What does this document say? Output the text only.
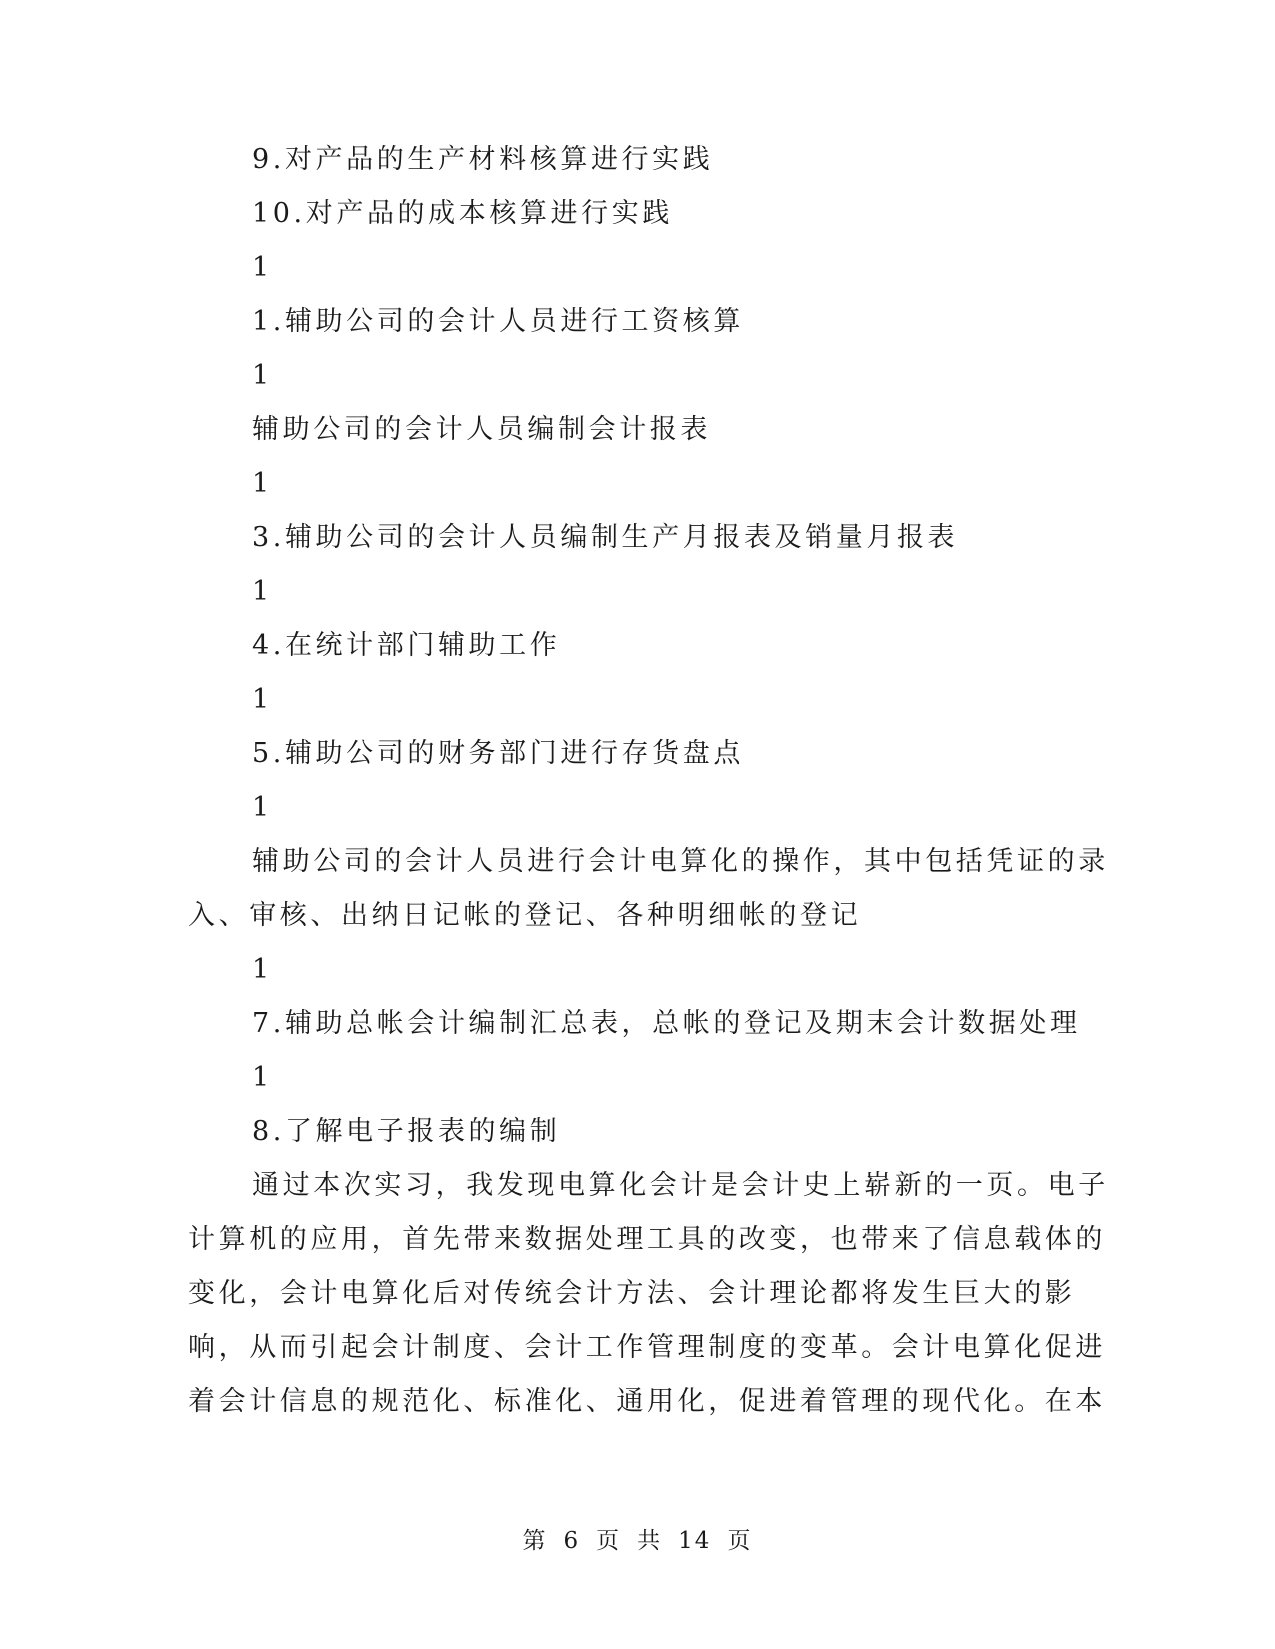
9.对产品的生产材料核算进行实践
10.对产品的成本核算进行实践
1
1.辅助公司的会计人员进行工资核算
1
辅助公司的会计人员编制会计报表
1
3.辅助公司的会计人员编制生产月报表及销量月报表
1
4.在统计部门辅助工作
1
5.辅助公司的财务部门进行存货盘点
1
辅助公司的会计人员进行会计电算化的操作，其中包括凭证的录
入、审核、出纳日记帐的登记、各种明细帐的登记
1
7.辅助总帐会计编制汇总表，总帐的登记及期末会计数据处理
1
8.了解电子报表的编制
通过本次实习，我发现电算化会计是会计史上崭新的一页。电子
计算机的应用，首先带来数据处理工具的改变，也带来了信息载体的
变化，会计电算化后对传统会计方法、会计理论都将发生巨大的影
响，从而引起会计制度、会计工作管理制度的变革。会计电算化促进
着会计信息的规范化、标准化、通用化，促进着管理的现代化。在本
第 6 页 共 14 页
